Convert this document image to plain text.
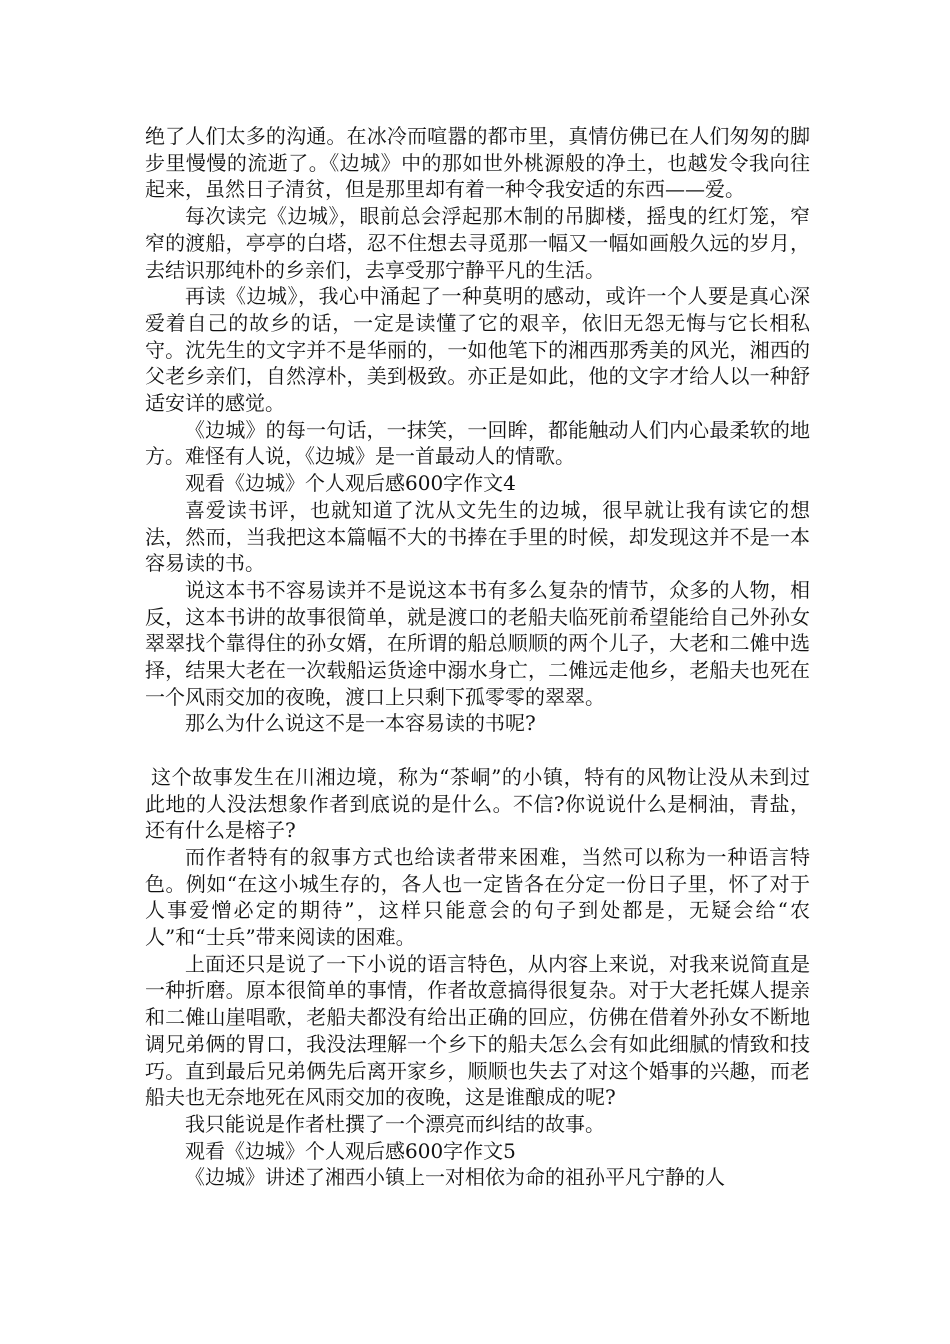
绝了人们太多的沟通。在冰冷而喧嚣的都市里，真情仿佛已在人们匆匆的脚步里慢慢的流逝了。《边城》中的那如世外桃源般的净土，也越发令我向往起来，虽然日子清贫，但是那里却有着一种令我安适的东西——爱。

每次读完《边城》，眼前总会浮起那木制的吊脚楼，摇曳的红灯笼，窄窄的渡船，亭亭的白塔，忍不住想去寻觅那一幅又一幅如画般久远的岁月，去结识那纯朴的乡亲们，去享受那宁静平凡的生活。

再读《边城》，我心中涌起了一种莫明的感动，或许一个人要是真心深爱着自己的故乡的话，一定是读懂了它的艰辛，依旧无怨无悔与它长相私守。沈先生的文字并不是华丽的，一如他笔下的湘西那秀美的风光，湘西的父老乡亲们，自然淳朴，美到极致。亦正是如此，他的文字才给人以一种舒适安详的感觉。

《边城》的每一句话，一抹笑，一回眸，都能触动人们内心最柔软的地方。难怪有人说，《边城》是一首最动人的情歌。

观看《边城》个人观后感600字作文4

喜爱读书评，也就知道了沈从文先生的边城，很早就让我有读它的想法，然而，当我把这本篇幅不大的书捧在手里的时候，却发现这并不是一本容易读的书。

说这本书不容易读并不是说这本书有多么复杂的情节，众多的人物，相反，这本书讲的故事很简单，就是渡口的老船夫临死前希望能给自己外孙女翠翠找个靠得住的孙女婿，在所谓的船总顺顺的两个儿子，大老和二傩中选择，结果大老在一次载船运货途中溺水身亡，二傩远走他乡，老船夫也死在一个风雨交加的夜晚，渡口上只剩下孤零零的翠翠。

那么为什么说这不是一本容易读的书呢?

这个故事发生在川湘边境，称为“茶峒”的小镇，特有的风物让没从未到过此地的人没法想象作者到底说的是什么。不信?你说说什么是桐油，青盐，还有什么是榕子?

而作者特有的叙事方式也给读者带来困难，当然可以称为一种语言特色。例如“在这小城生存的，各人也一定皆各在分定一份日子里，怀了对于人事爱憎必定的期待”，这样只能意会的句子到处都是，无疑会给“农人”和“士兵”带来阅读的困难。

上面还只是说了一下小说的语言特色，从内容上来说，对我来说简直是一种折磨。原本很简单的事情，作者故意搞得很复杂。对于大老托媒人提亲和二傩山崖唱歌，老船夫都没有给出正确的回应，仿佛在借着外孙女不断地调兄弟俩的胃口，我没法理解一个乡下的船夫怎么会有如此细腻的情致和技巧。直到最后兄弟俩先后离开家乡，顺顺也失去了对这个婚事的兴趣，而老船夫也无奈地死在风雨交加的夜晚，这是谁酿成的呢?

我只能说是作者杜撰了一个漂亮而纠结的故事。

观看《边城》个人观后感600字作文5

《边城》讲述了湘西小镇上一对相依为命的祖孙平凡宁静的人
